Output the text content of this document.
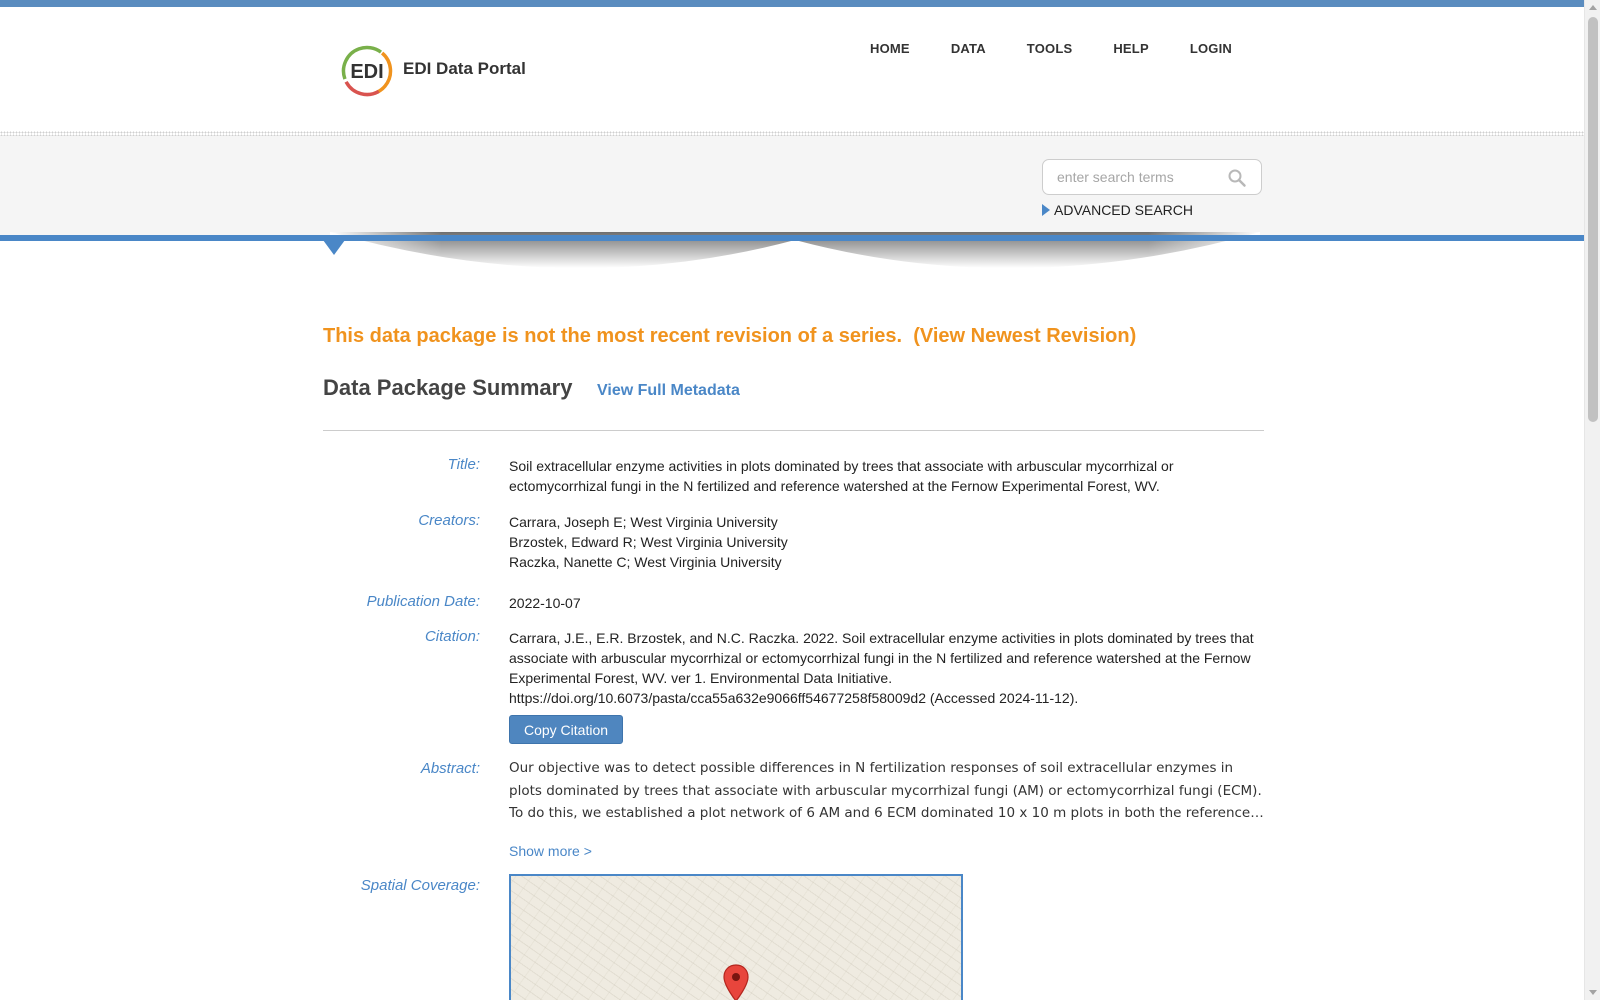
EDI EDI Data Portal
HOME	DATA	TOOLS	HELP	LOGIN
enter search terms
ADVANCED SEARCH
This data package is not the most recent revision of a series. (View Newest Revision)
Data Package Summary View Full Metadata
Title: Soil extracellular enzyme activities in plots dominated by trees that associate with arbuscular mycorrhizal or ectomycorrhizal fungi in the N fertilized and reference watershed at the Fernow Experimental Forest, WV.
Creators: Carrara, Joseph E; West Virginia University
Brzostek, Edward R; West Virginia University
Raczka, Nanette C; West Virginia University
Publication Date: 2022-10-07
Citation: Carrara, J.E., E.R. Brzostek, and N.C. Raczka. 2022. Soil extracellular enzyme activities in plots dominated by trees that associate with arbuscular mycorrhizal or ectomycorrhizal fungi in the N fertilized and reference watershed at the Fernow Experimental Forest, WV. ver 1. Environmental Data Initiative.
https://doi.org/10.6073/pasta/cca55a632e9066ff54677258f58009d2 (Accessed 2024-11-12).
Copy Citation
Abstract: Our objective was to detect possible differences in N fertilization responses of soil extracellular enzymes in
plots dominated by trees that associate with arbuscular mycorrhizal fungi (AM) or ectomycorrhizal fungi (ECM).
To do this, we established a plot network of 6 AM and 6 ECM dominated 10 x 10 m plots in both the reference…
Show more >
Spatial Coverage:
